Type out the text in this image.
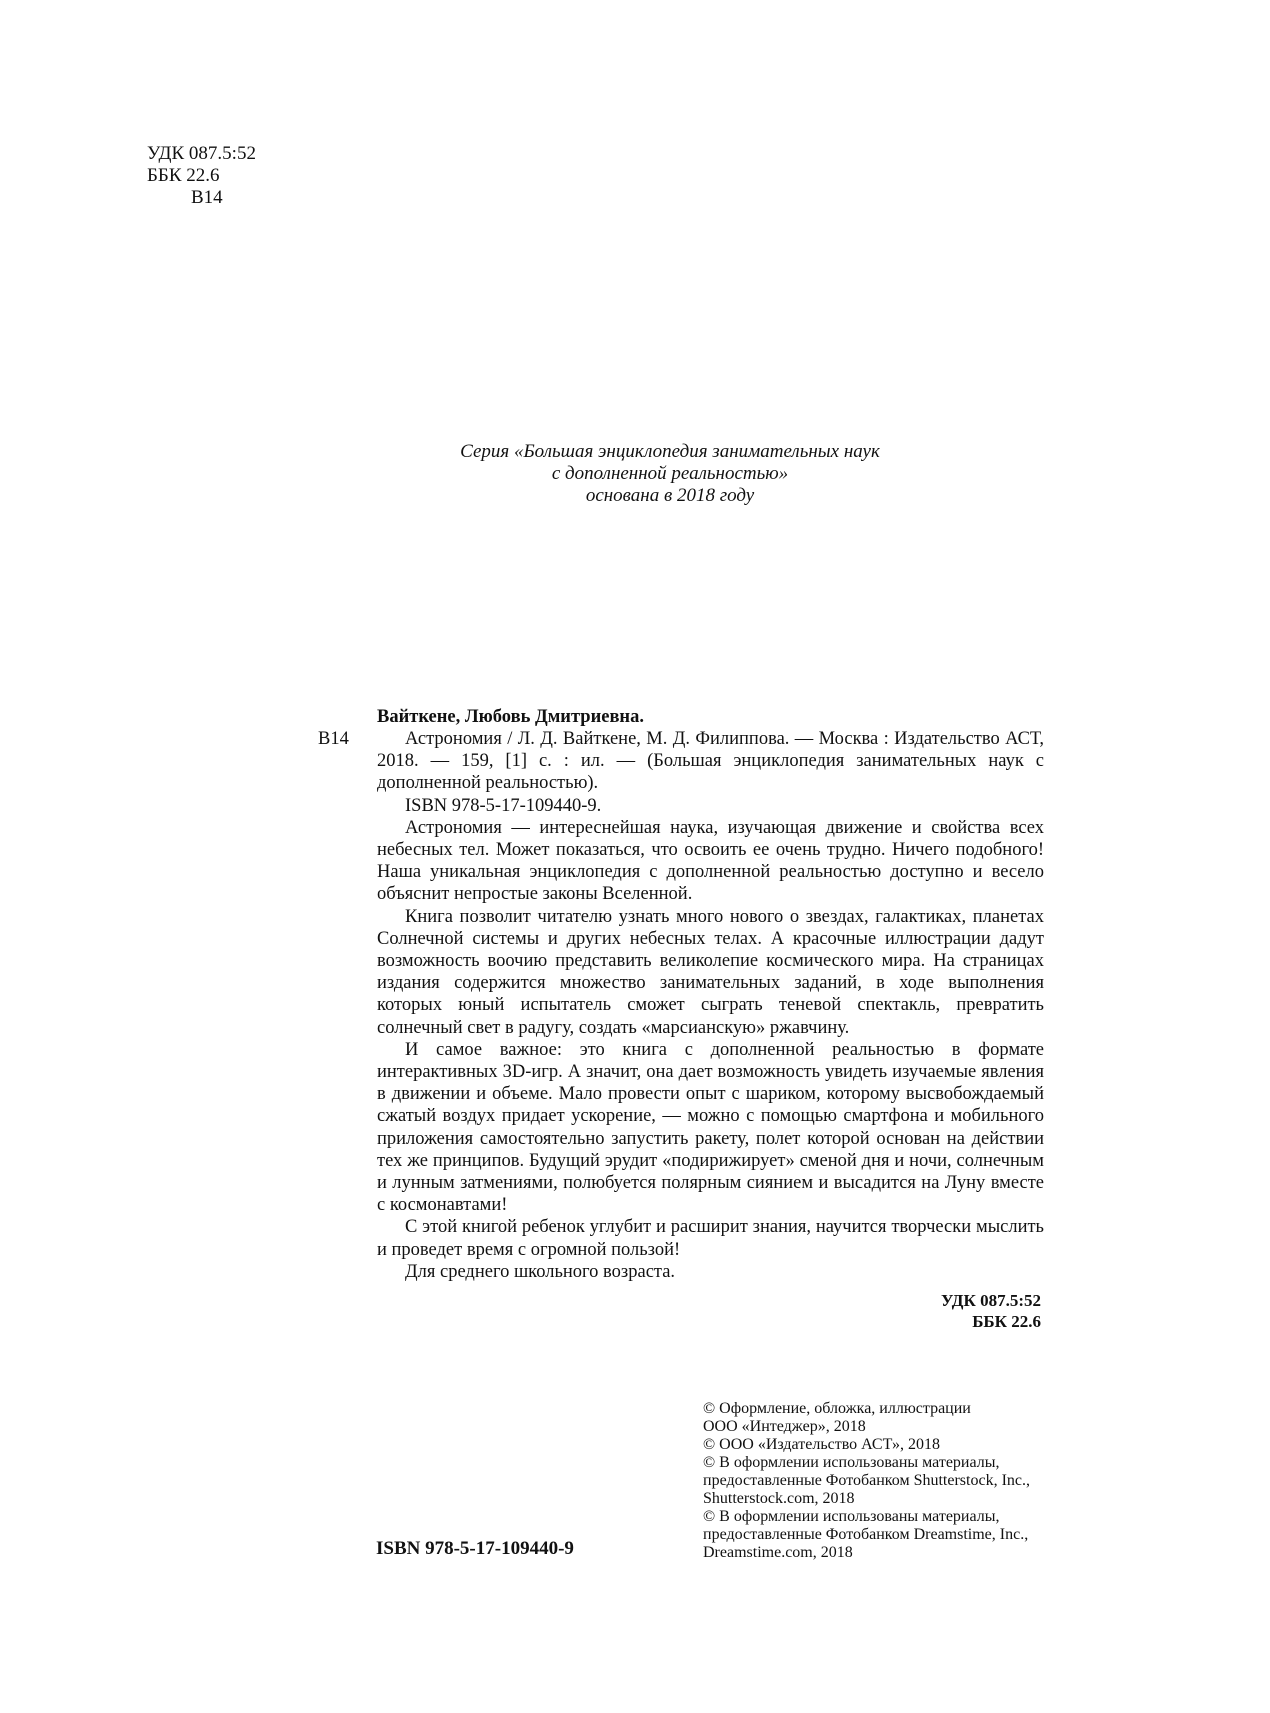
УДК 087.5:52
ББК 22.6
В14
Серия «Большая энциклопедия занимательных наук
с дополненной реальностью»
основана в 2018 году
Вайткене, Любовь Дмитриевна.
В14	Астрономия / Л. Д. Вайткене, М. Д. Филиппова. — Москва : Издательство АСТ, 2018. — 159, [1] с. : ил. — (Большая энциклопедия занимательных наук с дополненной реальностью).

ISBN 978-5-17-109440-9.

Астрономия — интереснейшая наука, изучающая движение и свойства всех небесных тел. Может показаться, что освоить ее очень трудно. Ничего подобного! Наша уникальная энциклопедия с дополненной реальностью доступно и весело объяснит непростые законы Вселенной.

Книга позволит читателю узнать много нового о звездах, галактиках, планетах Солнечной системы и других небесных телах. А красочные иллюстрации дадут возможность воочию представить великолепие космического мира. На страницах издания содержится множество занимательных заданий, в ходе выполнения которых юный испытатель сможет сыграть теневой спектакль, превратить солнечный свет в радугу, создать «марсианскую» ржавчину.

И самое важное: это книга с дополненной реальностью в формате интерактивных 3D-игр. А значит, она дает возможность увидеть изучаемые явления в движении и объеме. Мало провести опыт с шариком, которому высвобождаемый сжатый воздух придает ускорение, — можно с помощью смартфона и мобильного приложения самостоятельно запустить ракету, полет которой основан на действии тех же принципов. Будущий эрудит «подирижирует» сменой дня и ночи, солнечным и лунным затмениями, полюбуется полярным сиянием и высадится на Луну вместе с космонавтами!

С этой книгой ребенок углубит и расширит знания, научится творчески мыслить и проведет время с огромной пользой!

Для среднего школьного возраста.

УДК 087.5:52
ББК 22.6
© Оформление, обложка, иллюстрации
ООО «Интеджер», 2018
© ООО «Издательство АСТ», 2018
© В оформлении использованы материалы,
предоставленные Фотобанком Shutterstock, Inc.,
Shutterstock.com, 2018
© В оформлении использованы материалы,
предоставленные Фотобанком Dreamstime, Inc.,
Dreamstime.com, 2018
ISBN 978-5-17-109440-9
